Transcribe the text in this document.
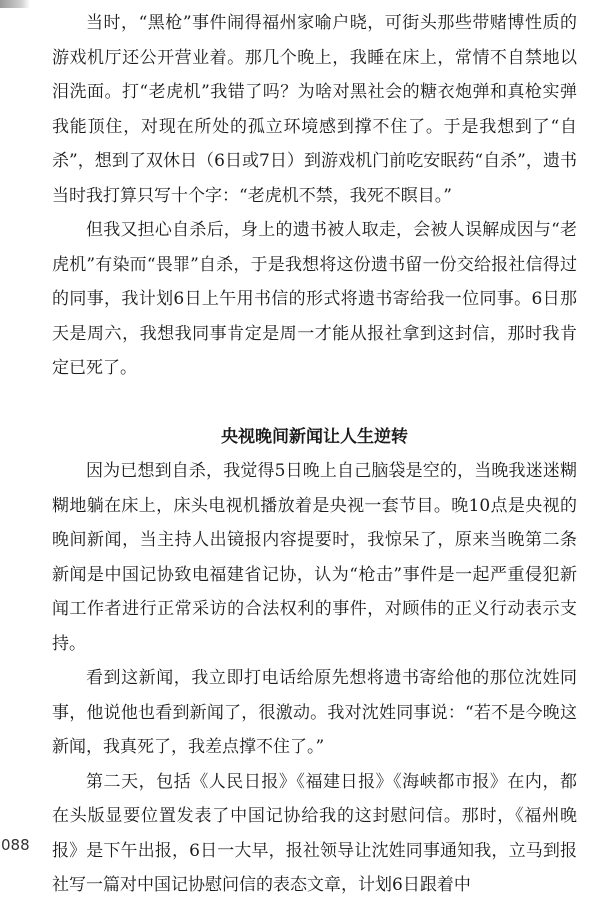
当时，“黑枪”事件闹得福州家喻户晓，可街头那些带赌博性质的游戏机厅还公开营业着。那几个晚上，我睡在床上，常情不自禁地以泪洗面。打“老虎机”我错了吗？为啥对黑社会的糖衣炮弹和真枪实弹我能顶住，对现在所处的孤立环境感到撑不住了。于是我想到了“自杀”，想到了双休日（6日或7日）到游戏机门前吃安眠药“自杀”，遗书当时我打算只写十个字：“老虎机不禁，我死不瞑目。”

但我又担心自杀后，身上的遗书被人取走，会被人误解成因与“老虎机”有染而“畏罪”自杀，于是我想将这份遗书留一份交给报社信得过的同事，我计划6日上午用书信的形式将遗书寄给我一位同事。6日那天是周六，我想我同事肯定是周一才能从报社拿到这封信，那时我肯定已死了。

央视晚间新闻让人生逆转

因为已想到自杀，我觉得5日晚上自己脑袋是空的，当晚我迷迷糊糊地躺在床上，床头电视机播放着是央视一套节目。晚10点是央视的晚间新闻，当主持人出镜报内容提要时，我惊呆了，原来当晚第二条新闻是中国记协致电福建省记协，认为“枪击”事件是一起严重侵犯新闻工作者进行正常采访的合法权利的事件，对顾伟的正义行动表示支持。

看到这新闻，我立即打电话给原先想将遗书寄给他的那位沈姓同事，他说他也看到新闻了，很激动。我对沈姓同事说：“若不是今晚这新闻，我真死了，我差点撑不住了。”

第二天，包括《人民日报》《福建日报》《海峡都市报》在内，都在头版显要位置发表了中国记协给我的这封慰问信。那时，《福州晚报》是下午出报，6日一大早，报社领导让沈姓同事通知我，立马到报社写一篇对中国记协慰问信的表态文章，计划6日跟着中

088
